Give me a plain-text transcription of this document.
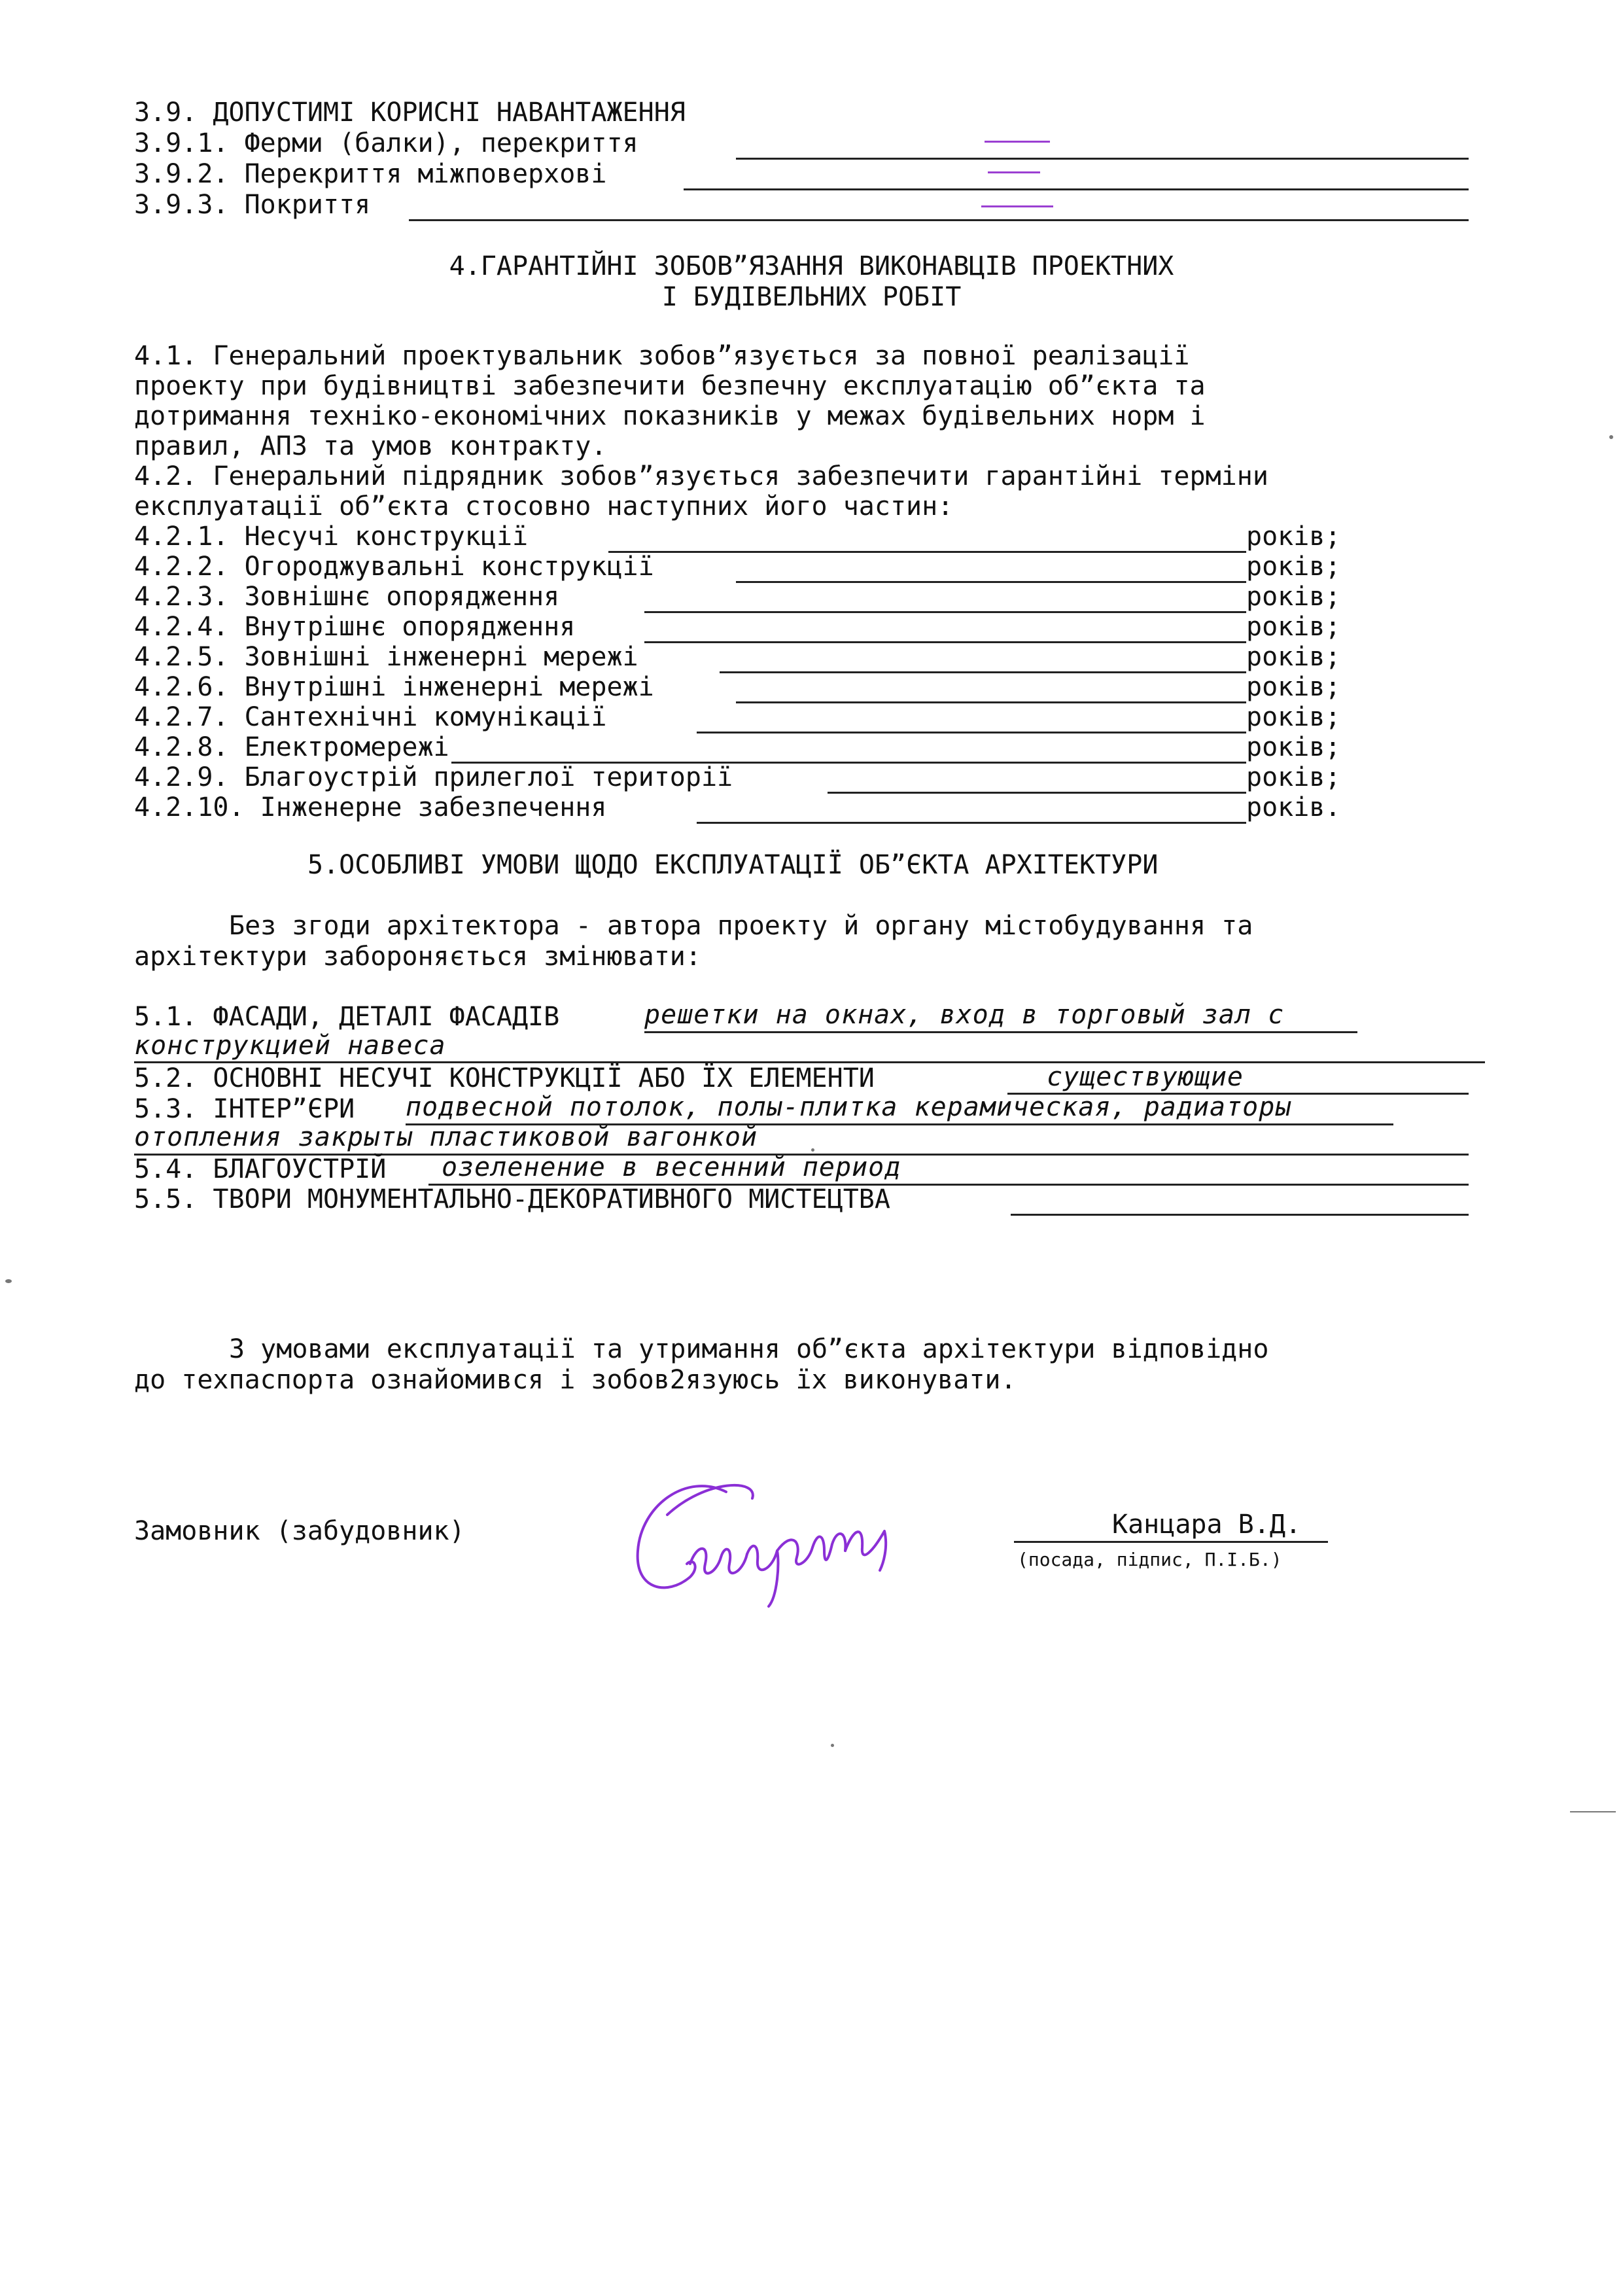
3.9. ДОПУСТИМІ КОРИСНІ НАВАНТАЖЕННЯ
3.9.1. Ферми (балки), перекриття
3.9.2. Перекриття міжповерхові
3.9.3. Покриття
4.ГАРАНТІЙНІ ЗОБОВ”ЯЗАННЯ ВИКОНАВЦІВ ПРОЕКТНИХ
І БУДІВЕЛЬНИХ РОБІТ
4.1. Генеральний проектувальник зобов”язується за повної реалізації
проекту при будівництві забезпечити безпечну експлуатацію об”єкта та
дотримання техніко-економічних показників у межах будівельних норм і
правил, АПЗ та умов контракту.
4.2. Генеральний підрядник зобов”язується забезпечити гарантійні терміни
експлуатації об”єкта стосовно наступних його частин:
4.2.1. Несучі конструкції	років;
4.2.2. Огороджувальні конструкції	років;
4.2.3. Зовнішнє опорядження	років;
4.2.4. Внутрішнє опорядження	років;
4.2.5. Зовнішні інженерні мережі	років;
4.2.6. Внутрішні інженерні мережі	років;
4.2.7. Сантехнічні комунікації	років;
4.2.8. Електромережі	років;
4.2.9. Благоустрій прилеглої території	років;
4.2.10. Інженерне забезпечення	років.
5.ОСОБЛИВІ УМОВИ ЩОДО ЕКСПЛУАТАЦІЇ ОБ”ЄКТА АРХІТЕКТУРИ
Без згоди архітектора - автора проекту й органу містобудування та
архітектури забороняється змінювати:
5.1. ФАСАДИ, ДЕТАЛІ ФАСАДІВ	решетки на окнах, вход в торговый зал с
конструкцией навеса
5.2. ОСНОВНІ НЕСУЧІ КОНСТРУКЦІЇ АБО ЇХ ЕЛЕМЕНТИ	существующие
5.3. ІНТЕР”ЄРИ подвесной потолок, полы-плитка керамическая, радиаторы
отопления закрыты пластиковой вагонкой
5.4. БЛАГОУСТРІЙ озеленение в весенний период
5.5. ТВОРИ МОНУМЕНТАЛЬНО-ДЕКОРАТИВНОГО МИСТЕЦТВА
З умовами експлуатації та утримання об”єкта архітектури відповідно
до техпаспорта ознайомився і зобов2язуюсь їх виконувати.
Замовник (забудовник)	Канцара В.Д.
(посада, підпис, П.І.Б.)
